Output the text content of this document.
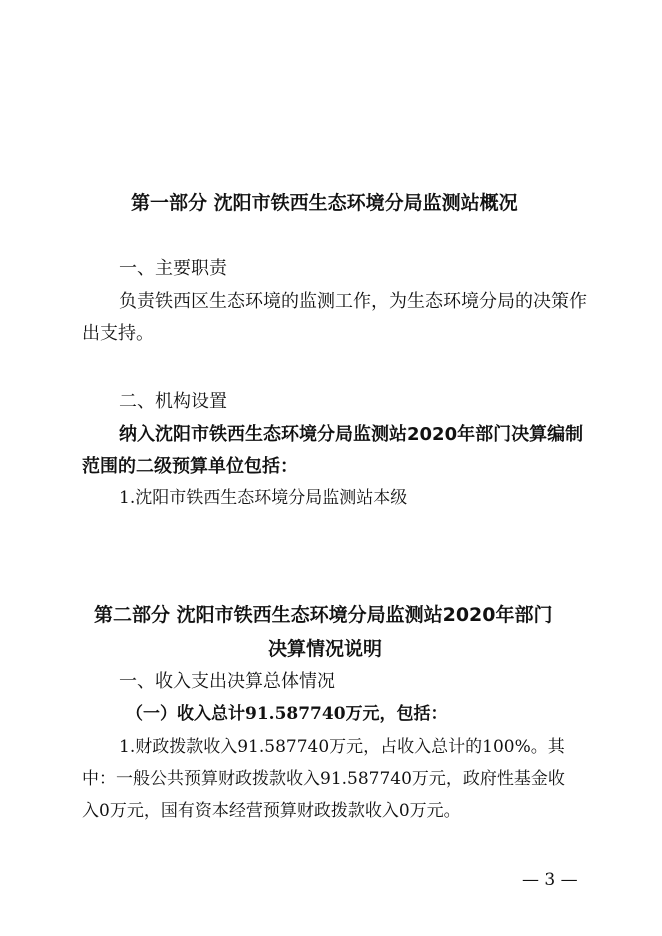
第一部分 沈阳市铁西生态环境分局监测站概况
一、主要职责
负责铁西区生态环境的监测工作，为生态环境分局的决策作
出支持。
二、机构设置
纳入沈阳市铁西生态环境分局监测站2020年部门决算编制
范围的二级预算单位包括：
1.沈阳市铁西生态环境分局监测站本级
第二部分 沈阳市铁西生态环境分局监测站2020年部门
决算情况说明
一、收入支出决算总体情况
（一）收入总计91.587740万元，包括：
1.财政拨款收入91.587740万元，占收入总计的100%。其
中：一般公共预算财政拨款收入91.587740万元，政府性基金收
入0万元，国有资本经营预算财政拨款收入0万元。
— 3 —
